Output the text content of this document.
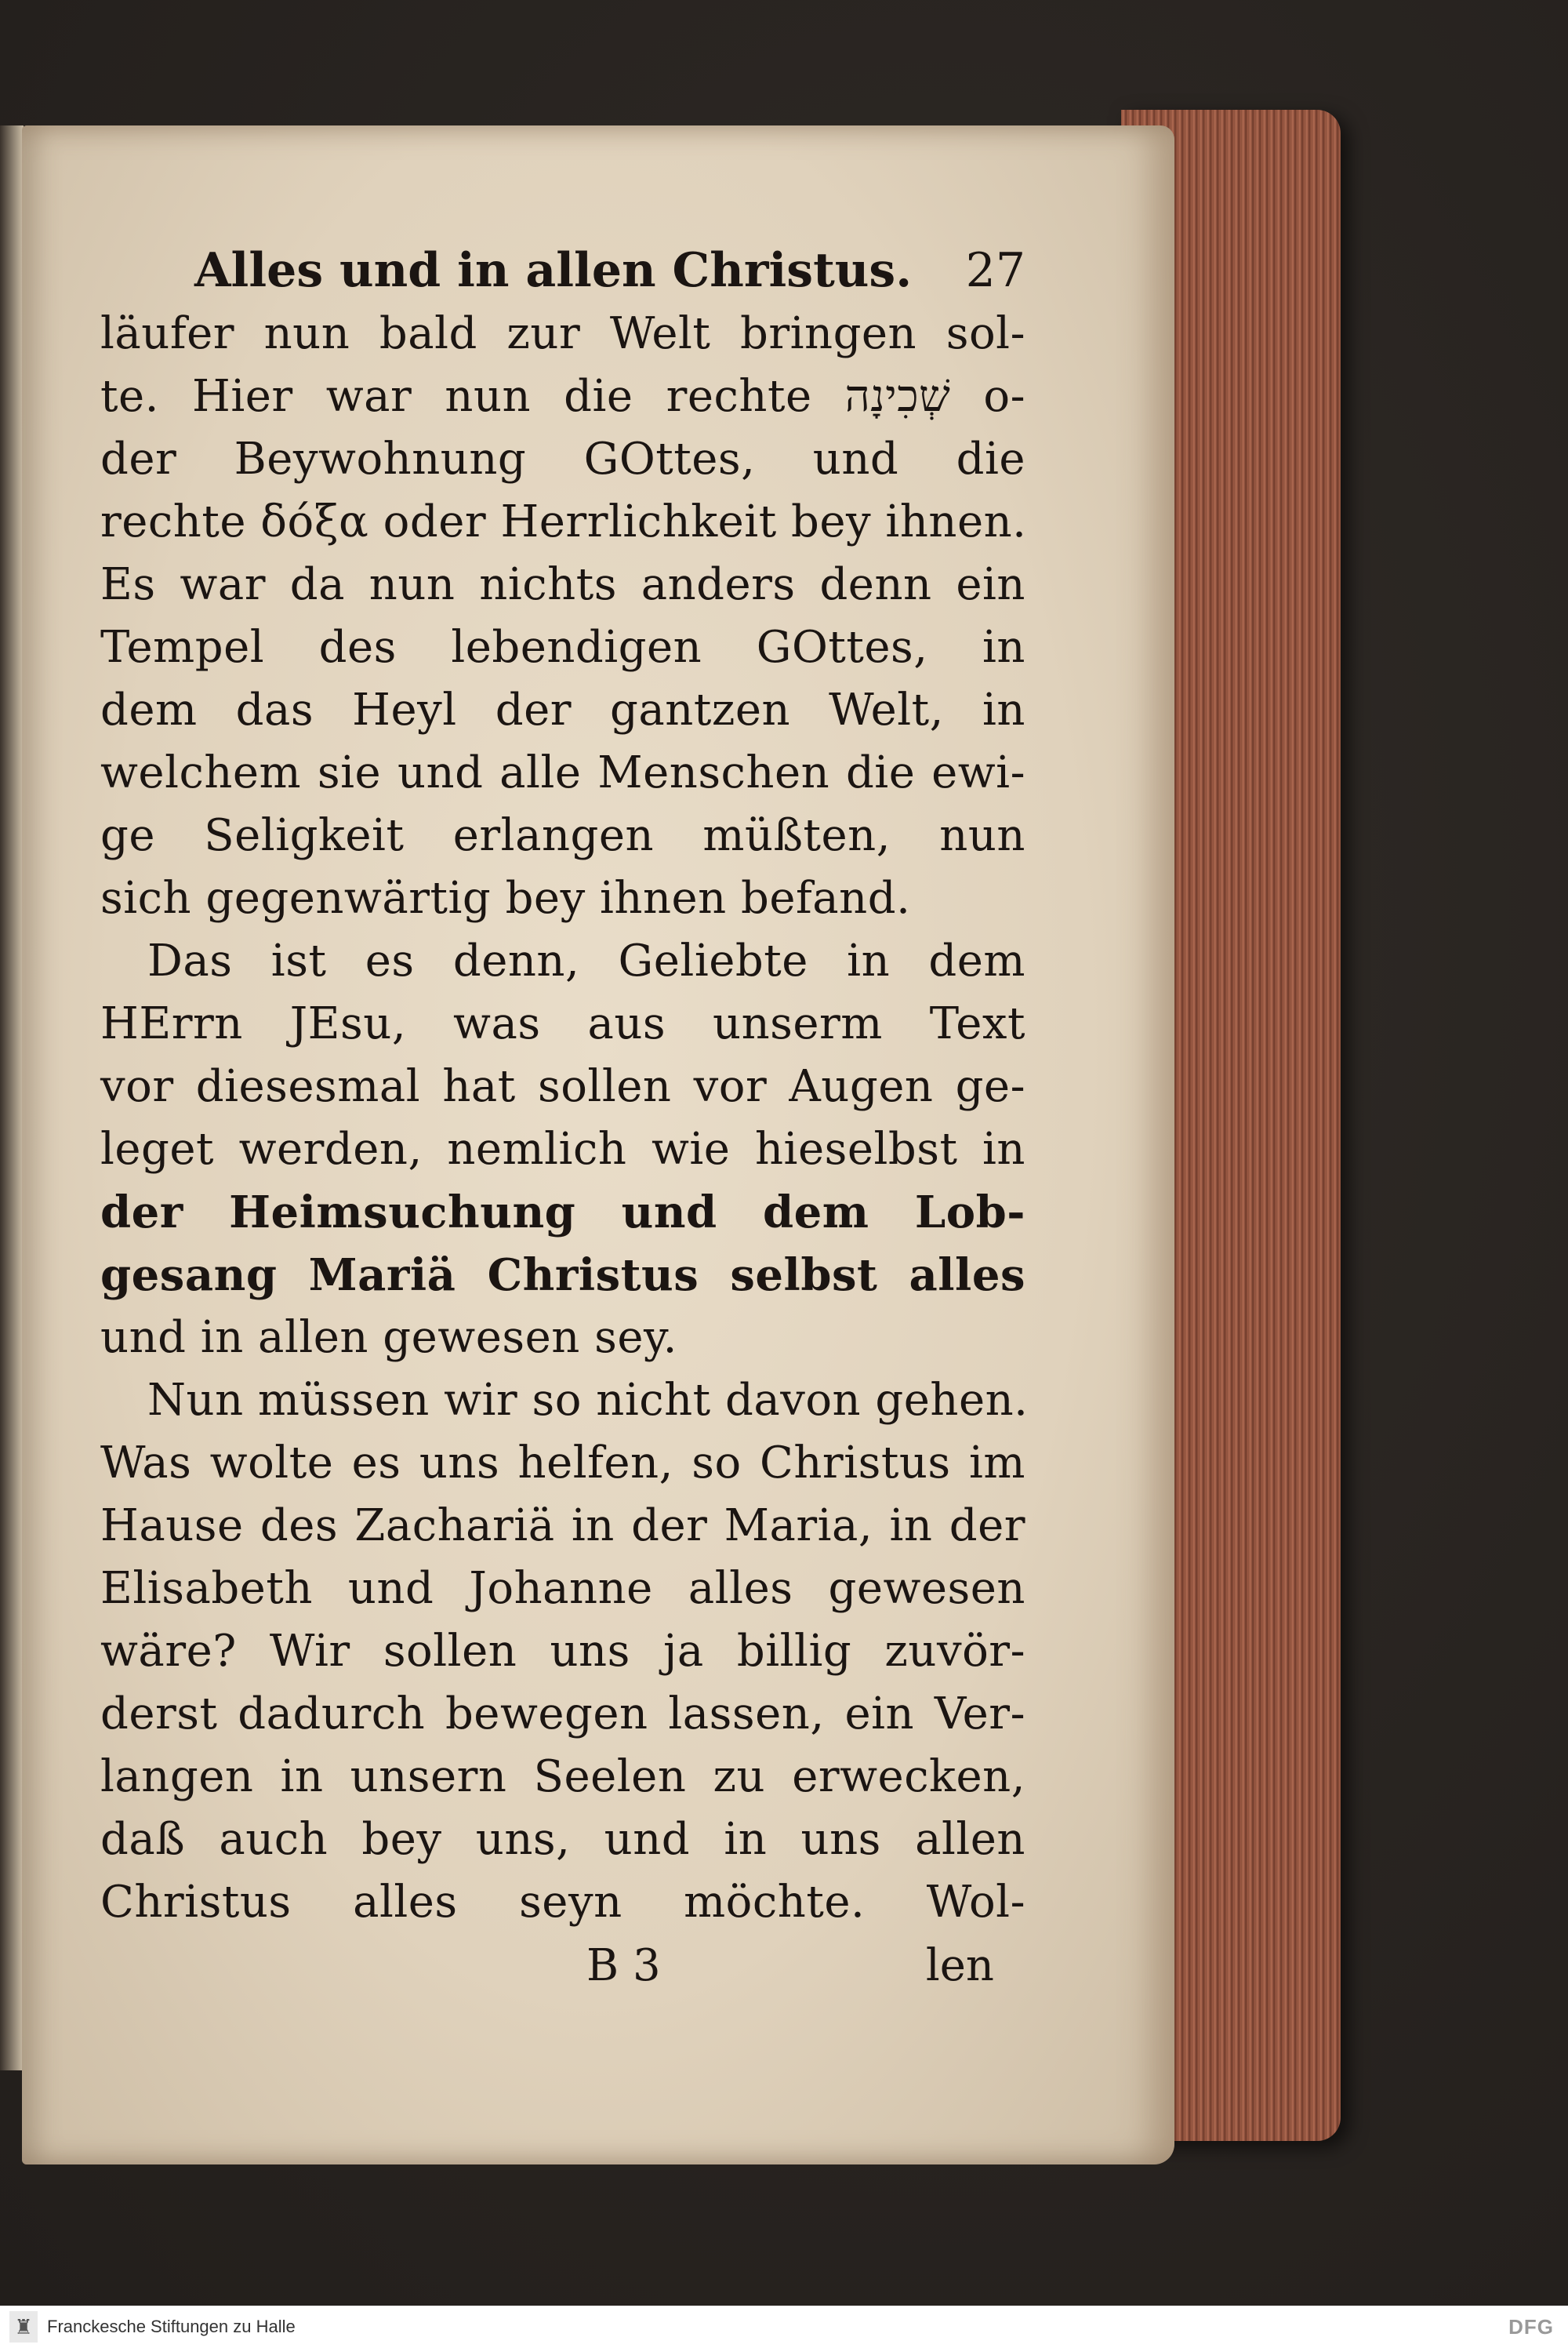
Alles und in allen Christus. 27
läufer nun bald zur Welt bringen sol-
te. Hier war nun die rechte שְׁכִינָה o-
der Beywohnung GOttes, und die
rechte δόξα oder Herrlichkeit bey ihnen.
Es war da nun nichts anders denn ein
Tempel des lebendigen GOttes, in
dem das Heyl der gantzen Welt, in
welchem sie und alle Menschen die ewi-
ge Seligkeit erlangen müßten, nun
sich gegenwärtig bey ihnen befand.
Das ist es denn, Geliebte in dem
HErrn JEsu, was aus unserm Text
vor diesesmal hat sollen vor Augen ge-
leget werden, nemlich wie hieselbst in
der Heimsuchung und dem Lob-
gesang Mariä Christus selbst alles
und in allen gewesen sey.
Nun müssen wir so nicht davon gehen.
Was wolte es uns helfen, so Christus im
Hause des Zachariä in der Maria, in der
Elisabeth und Johanne alles gewesen
wäre? Wir sollen uns ja billig zuvör-
derst dadurch bewegen lassen, ein Ver-
langen in unsern Seelen zu erwecken,
daß auch bey uns, und in uns allen
Christus alles seyn möchte. Wol-
B 3	len
♜ Franckesche Stiftungen zu Halle	DFG
